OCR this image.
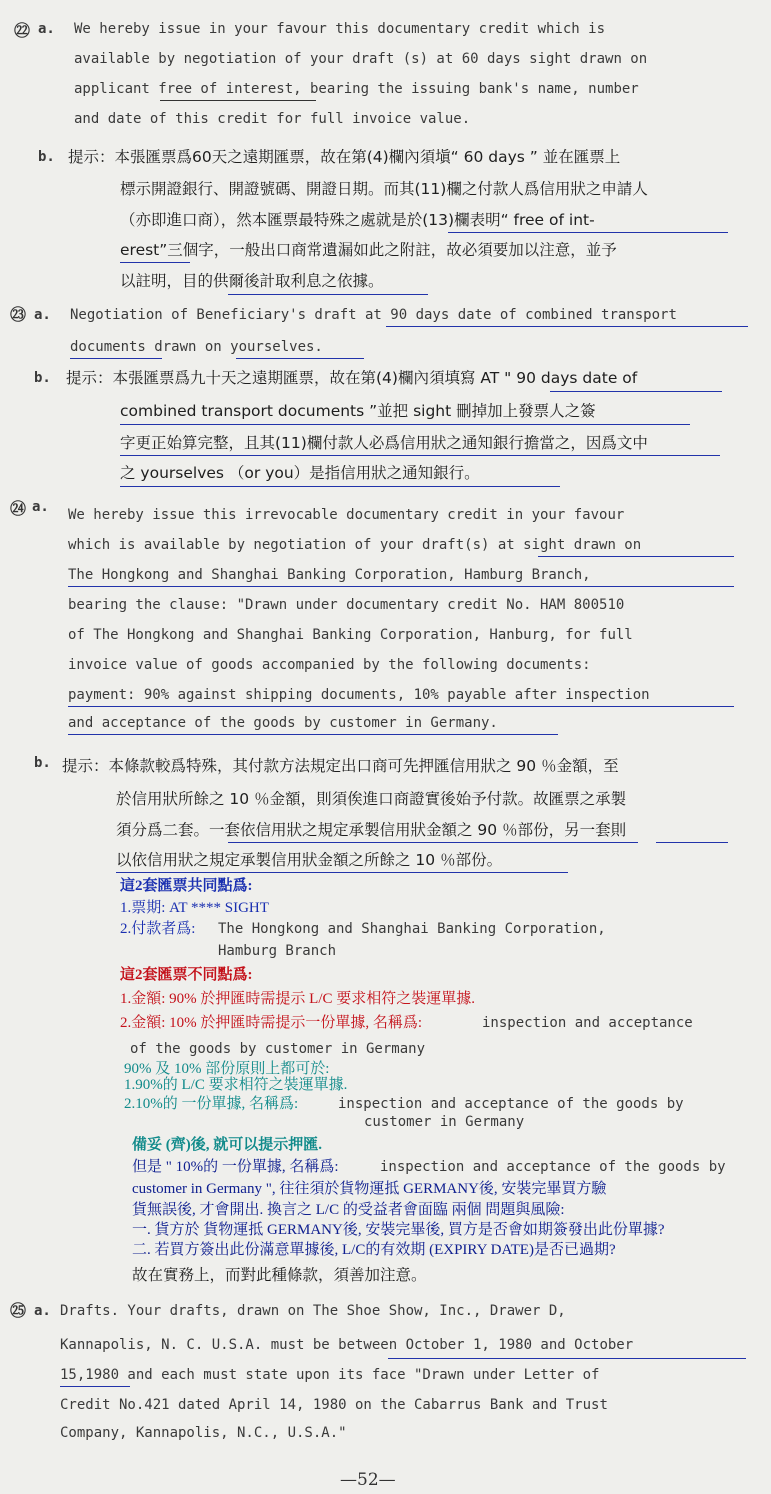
㉒ a. We hereby issue in your favour this documentary credit which is
available by negotiation of your draft (s) at 60 days sight drawn on
applicant free of interest, bearing the issuing bank's name, number
and date of this credit for full invoice value.
b. 提示：本張匯票爲60天之遠期匯票，故在第(4)欄內須塡“ 60 days ” 並在匯票上
標示開證銀行、開證號碼、開證日期。而其(11)欄之付款人爲信用狀之申請人
（亦即進口商），然本匯票最特殊之處就是於(13)欄表明“ free of int-
erest”三個字，一般出口商常遺漏如此之附註，故必須要加以注意，並予
以註明，目的供爾後計取利息之依據。
㉓ a. Negotiation of Beneficiary's draft at 90 days date of combined transport
documents drawn on yourselves.
b. 提示：本張匯票爲九十天之遠期匯票，故在第(4)欄內須填寫 AT " 90 days date of
combined transport documents ”並把 sight 刪掉加上發票人之簽
字更正始算完整，且其(11)欄付款人必爲信用狀之通知銀行擔當之，因爲文中
之 yourselves （or you）是指信用狀之通知銀行。
㉔ a. We hereby issue this irrevocable documentary credit in your favour
which is available by negotiation of your draft(s) at sight drawn on
The Hongkong and Shanghai Banking Corporation, Hamburg Branch,
bearing the clause: "Drawn under documentary credit No. HAM 800510
of The Hongkong and Shanghai Banking Corporation, Hanburg, for full
invoice value of goods accompanied by the following documents:
payment: 90% against shipping documents, 10% payable after inspection
and acceptance of the goods by customer in Germany.
b. 提示：本條款較爲特殊，其付款方法規定出口商可先押匯信用狀之 90 ％金額，至
於信用狀所餘之 10 ％金額，則須俟進口商證實後始予付款。故匯票之承製
須分爲二套。一套依信用狀之規定承製信用狀金額之 90 ％部份，另一套則
以依信用狀之規定承製信用狀金額之所餘之 10 ％部份。
這2套匯票共同點爲:
1.票期: AT **** SIGHT
2.付款者爲: The Hongkong and Shanghai Banking Corporation,
Hamburg Branch
這2套匯票不同點爲:
1.金額: 90% 於押匯時需提示 L/C 要求相符之裝運單據.
2.金額: 10% 於押匯時需提示一份單據, 名稱爲:	inspection and acceptance
of the goods by customer in Germany
90% 及 10% 部份原則上都可於:
1.90%的 L/C 要求相符之裝運單據.
2.10%的 一份單據, 名稱爲:	inspection and acceptance of the goods by
customer in Germany
備妥 (齊)後, 就可以提示押匯.
但是 " 10%的 一份單據, 名稱爲:	inspection and acceptance of the goods by
customer in Germany ", 往往須於貨物運抵 GERMANY後, 安裝完畢買方驗
貨無誤後, 才會開出. 換言之 L/C 的受益者會面臨 兩個 問題與風險:
一. 貨方於 貨物運抵 GERMANY後, 安裝完畢後, 買方是否會如期簽發出此份單據?
二. 若買方簽出此份滿意單據後, L/C的有效期 (EXPIRY DATE)是否已過期?
故在實務上，而對此種條款，須善加注意。
㉕ a. Drafts. Your drafts, drawn on The Shoe Show, Inc., Drawer D,
Kannapolis, N. C. U.S.A. must be between October 1, 1980 and October
15,1980 and each must state upon its face "Drawn under Letter of
Credit No.421 dated April 14, 1980 on the Cabarrus Bank and Trust
Company, Kannapolis, N.C., U.S.A."
—52—
